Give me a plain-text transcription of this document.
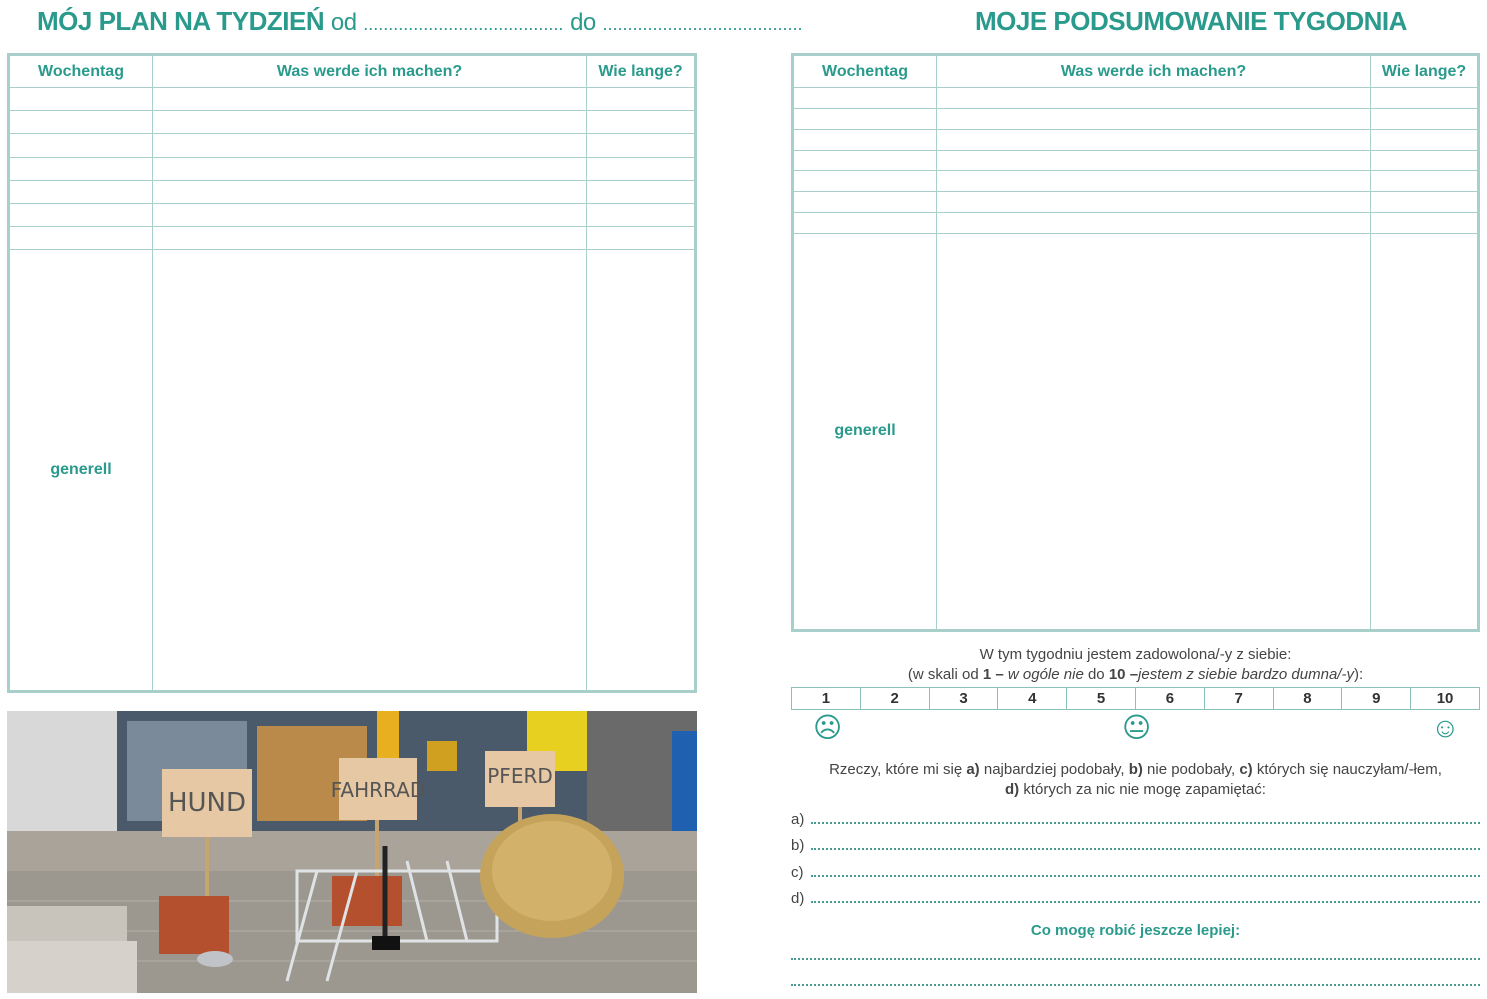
MÓJ PLAN NA TYDZIEŃ od ........................................ do ........................................
Wochentag	Was werde ich machen?	Wie lange?

generell		
HUND	FAHRRAD
PFERD
MOJE PODSUMOWANIE TYGODNIA
Wochentag	Was werde ich machen?	Wie lange?

generell		
W tym tygodniu jestem zadowolona/-y z siebie:
(w skali od 1 – w ogóle nie do 10 –jestem z siebie bardzo dumna/-y):
1	2	3	4	5	6	7	8	9	10
☹	😐︎	☺
Rzeczy, które mi się a) najbardziej podobały, b) nie podobały, c) których się nauczyłam/-łem,
d) których za nic nie mogę zapamiętać:
a)
b)
c)
d)
Co mogę robić jeszcze lepiej:
